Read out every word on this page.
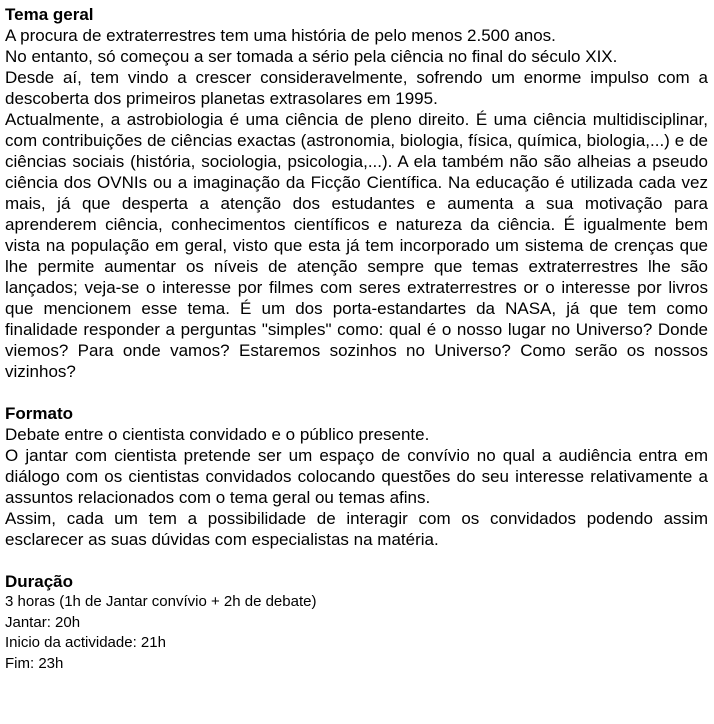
Tema geral

A procura de extraterrestres tem uma história de pelo menos 2.500 anos.

No entanto, só começou a ser tomada a sério pela ciência no final do século XIX.

Desde aí, tem vindo a crescer consideravelmente, sofrendo um enorme impulso com a descoberta dos primeiros planetas extrasolares em 1995.

Actualmente, a astrobiologia é uma ciência de pleno direito. É uma ciência multidisciplinar, com contribuições de ciências exactas (astronomia, biologia, física, química, biologia,...) e de ciências sociais (história, sociologia, psicologia,...). A ela também não são alheias a pseudo ciência dos OVNIs ou a imaginação da Ficção Científica. Na educação é utilizada cada vez mais, já que desperta a atenção dos estudantes e aumenta a sua motivação para aprenderem ciência, conhecimentos científicos e natureza da ciência. É igualmente bem vista na população em geral, visto que esta já tem incorporado um sistema de crenças que lhe permite aumentar os níveis de atenção sempre que temas extraterrestres lhe são lançados; veja-se o interesse por filmes com seres extraterrestres or o interesse por livros que mencionem esse tema. É um dos porta-estandartes da NASA, já que tem como finalidade responder a perguntas "simples" como: qual é o nosso lugar no Universo? Donde viemos? Para onde vamos? Estaremos sozinhos no Universo? Como serão os nossos vizinhos?

Formato

Debate entre o cientista convidado e o público presente.

O jantar com cientista pretende ser um espaço de convívio no qual a audiência entra em diálogo com os cientistas convidados colocando questões do seu interesse relativamente a assuntos relacionados com o tema geral ou temas afins.

Assim, cada um tem a possibilidade de interagir com os convidados podendo assim esclarecer as suas dúvidas com especialistas na matéria.

Duração

3 horas (1h de Jantar convívio + 2h de debate)

Jantar: 20h

Inicio da actividade: 21h

Fim: 23h
